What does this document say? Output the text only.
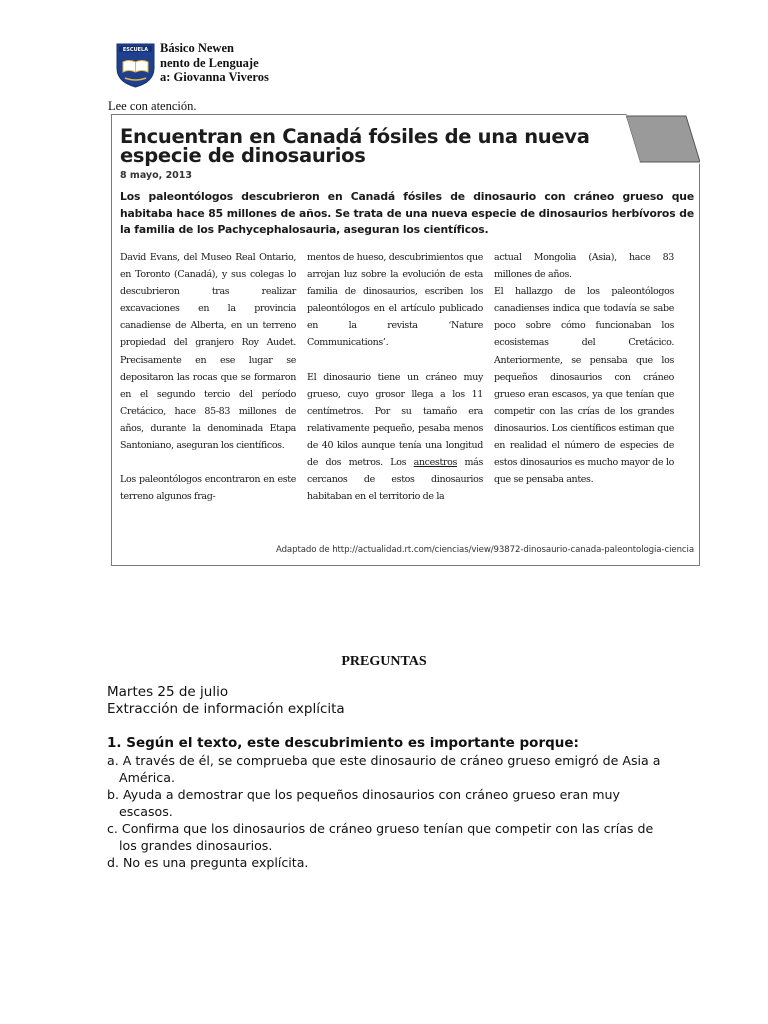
ESCUELA Básico Newen
nento de Lenguaje
a: Giovanna Viveros
Lee con atención.
Encuentran en Canadá fósiles de una nueva
especie de dinosaurios
8 mayo, 2013
Los paleontólogos descubrieron en Canadá fósiles de dinosaurio con cráneo grueso que habitaba hace 85 millones de años. Se trata de una nueva especie de dinosaurios herbívoros de la familia de los Pachycephalosauria, aseguran los científicos.

David Evans, del Museo Real Ontario, en Toronto (Canadá), y sus colegas lo descubrieron tras realizar excavaciones en la provincia canadiense de Alberta, en un terreno propiedad del granjero Roy Audet. Precisamente en ese lugar se depositaron las rocas que se formaron en el segundo tercio del período Cretácico, hace 85-83 millones de años, durante la denominada Etapa Santoniano, aseguran los científicos.

Los paleontólogos encontraron en este terreno algunos frag-

mentos de hueso, descubrimientos que arrojan luz sobre la evolución de esta familia de dinosaurios, escriben los paleontólogos en el artículo publicado en la revista ‘Nature Communications’.

El dinosaurio tiene un cráneo muy grueso, cuyo grosor llega a los 11 centímetros. Por su tamaño era relativamente pequeño, pesaba menos de 40 kilos aunque tenía una longitud de dos metros. Los ancestros más cercanos de estos dinosaurios habitaban en el territorio de la

actual Mongolia (Asia), hace 83 millones de años.

El hallazgo de los paleontólogos canadienses indica que todavía se sabe poco sobre cómo funcionaban los ecosistemas del Cretácico. Anteriormente, se pensaba que los pequeños dinosaurios con cráneo grueso eran escasos, ya que tenían que competir con las crías de los grandes dinosaurios. Los científicos estiman que en realidad el número de especies de estos dinosaurios es mucho mayor de lo que se pensaba antes.

Adaptado de http://actualidad.rt.com/ciencias/view/93872-dinosaurio-canada-paleontologia-ciencia
PREGUNTAS
Martes 25 de julio
Extracción de información explícita
1. Según el texto, este descubrimiento es importante porque:
a. A través de él, se comprueba que este dinosaurio de cráneo grueso emigró de Asia a América.
b. Ayuda a demostrar que los pequeños dinosaurios con cráneo grueso eran muy escasos.
c. Confirma que los dinosaurios de cráneo grueso tenían que competir con las crías de los grandes dinosaurios.
d. No es una pregunta explícita.
